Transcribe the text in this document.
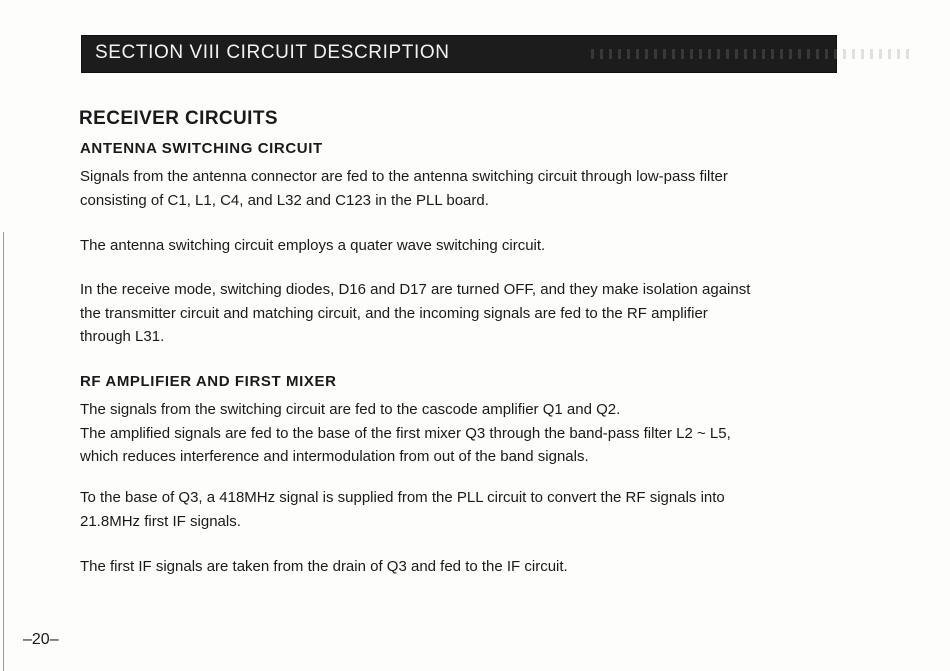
SECTION VIII CIRCUIT DESCRIPTION
RECEIVER CIRCUITS
ANTENNA SWITCHING CIRCUIT

Signals from the antenna connector are fed to the antenna switching circuit through low-pass filter
consisting of C1, L1, C4, and L32 and C123 in the PLL board.

The antenna switching circuit employs a quater wave switching circuit.

In the receive mode, switching diodes, D16 and D17 are turned OFF, and they make isolation against
the transmitter circuit and matching circuit, and the incoming signals are fed to the RF amplifier
through L31.

RF AMPLIFIER AND FIRST MIXER

The signals from the switching circuit are fed to the cascode amplifier Q1 and Q2.
The amplified signals are fed to the base of the first mixer Q3 through the band-pass filter L2 ~ L5,
which reduces interference and intermodulation from out of the band signals.

To the base of Q3, a 418MHz signal is supplied from the PLL circuit to convert the RF signals into
21.8MHz first IF signals.

The first IF signals are taken from the drain of Q3 and fed to the IF circuit.

–20–
